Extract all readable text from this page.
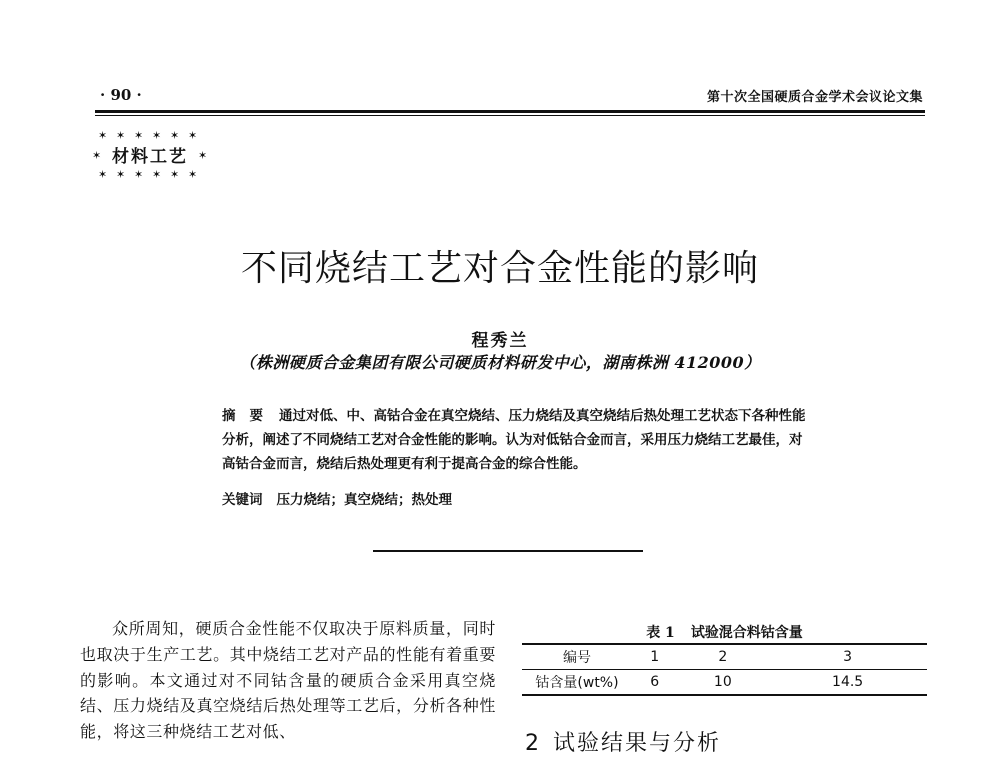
· 90 ·	第十次全国硬质合金学术会议论文集
✶ ✶ ✶ ✶ ✶ ✶
✶ ✶ ✶ ✶ ✶ ✶
✶	✶
材料工艺
不同烧结工艺对合金性能的影响
程秀兰
（株洲硬质合金集团有限公司硬质材料研发中心，湖南株洲 412000）
摘要 通过对低、中、高钴合金在真空烧结、压力烧结及真空烧结后热处理工艺状态下各种性能分析，阐述了不同烧结工艺对合金性能的影响。认为对低钴合金而言，采用压力烧结工艺最佳，对高钴合金而言，烧结后热处理更有利于提高合金的综合性能。
关键词 压力烧结；真空烧结；热处理

众所周知，硬质合金性能不仅取决于原料质量，同时也取决于生产工艺。其中烧结工艺对产品的性能有着重要的影响。本文通过对不同钴含量的硬质合金采用真空烧结、压力烧结及真空烧结后热处理等工艺后，分析各种性能，将这三种烧结工艺对低、

表 1 试验混合料钴含量
编号	1	2	3
钴含量(wt%)	6	10	14.5
2 试验结果与分析
